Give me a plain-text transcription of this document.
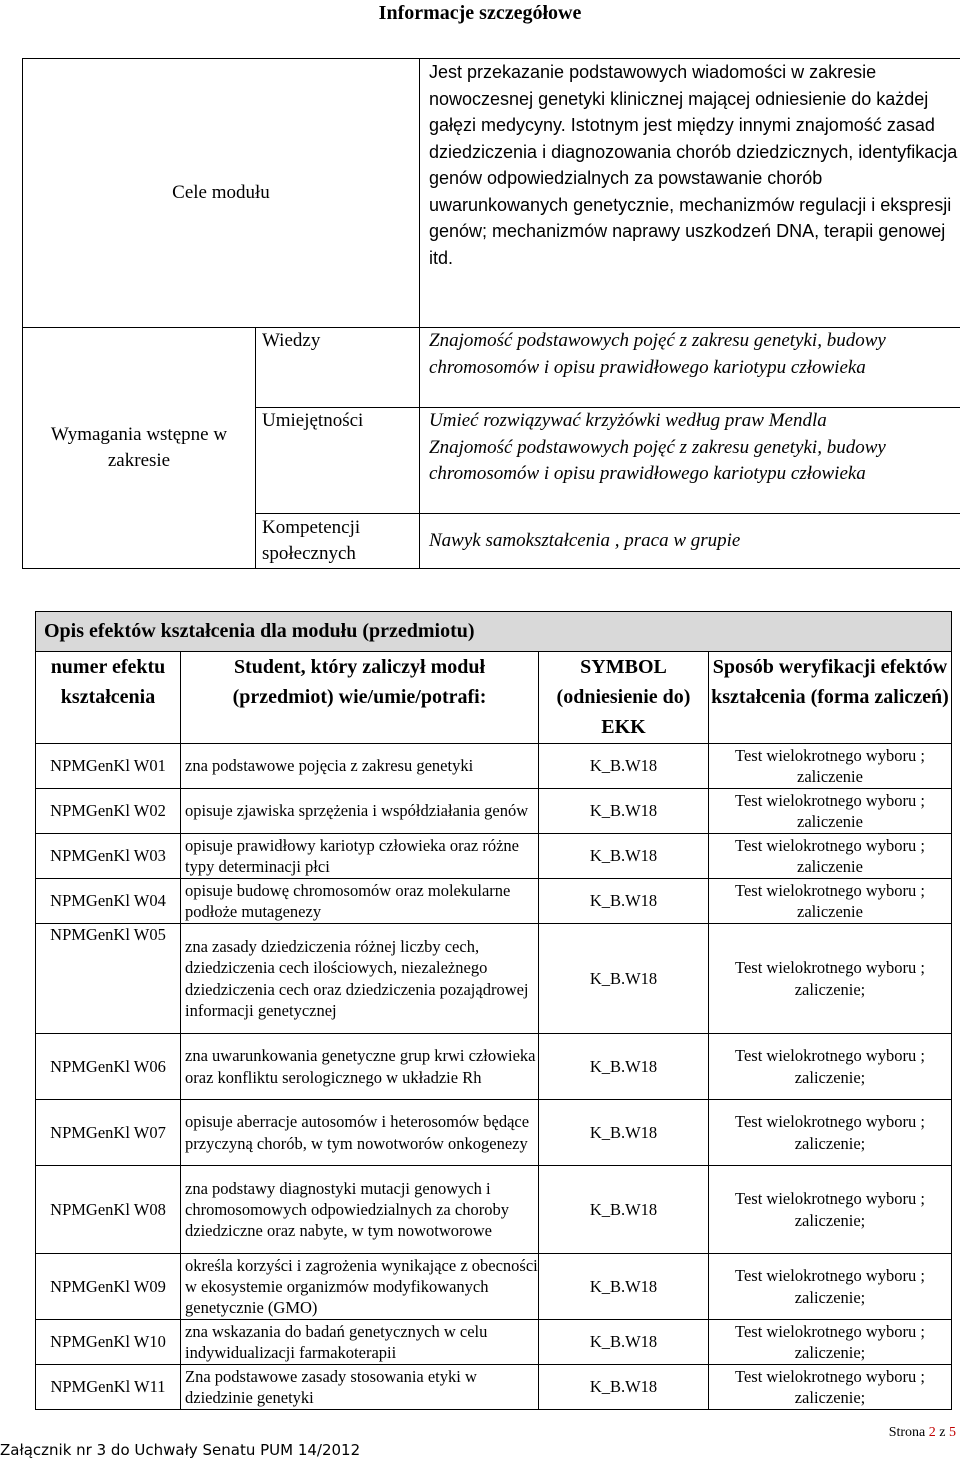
Informacje szczegółowe
Cele modułu		Jest przekazanie podstawowych wiadomości w zakresie nowoczesnej genetyki klinicznej mającej odniesienie do każdej gałęzi medycyny. Istotnym jest między innymi znajomość zasad dziedziczenia i diagnozowania chorób dziedzicznych, identyfikacja genów odpowiedzialnych za powstawanie chorób uwarunkowanych genetycznie, mechanizmów regulacji i ekspresji genów; mechanizmów naprawy uszkodzeń DNA, terapii genowej itd.
Wymagania wstępne w zakresie	Wiedzy	Znajomość podstawowych pojęć z zakresu genetyki, budowy chromosomów i opisu prawidłowego kariotypu człowieka
	Umiejętności	Umieć rozwiązywać krzyżówki według praw Mendla
Znajomość podstawowych pojęć z zakresu genetyki, budowy chromosomów i opisu prawidłowego kariotypu człowieka

	Kompetencji społecznych	Nawyk samokształcenia , praca w grupie
Opis efektów kształcenia dla modułu (przedmiotu)			
numer efektu kształcenia	Student, który zaliczył moduł (przedmiot) wie/umie/potrafi:	SYMBOL (odniesienie do) EKK	Sposób weryfikacji efektów kształcenia (forma zaliczeń)
NPMGenKl W01	zna podstawowe pojęcia z zakresu genetyki	K_B.W18	Test wielokrotnego wyboru ; zaliczenie
NPMGenKl W02	opisuje zjawiska sprzężenia i współdziałania genów	K_B.W18	Test wielokrotnego wyboru ; zaliczenie
NPMGenKl W03	opisuje prawidłowy kariotyp człowieka oraz różne typy determinacji płci	K_B.W18	Test wielokrotnego wyboru ; zaliczenie
NPMGenKl W04	opisuje budowę chromosomów oraz molekularne podłoże mutagenezy	K_B.W18	Test wielokrotnego wyboru ; zaliczenie
NPMGenKl W05	zna zasady dziedziczenia różnej liczby cech, dziedziczenia cech ilościowych, niezależnego dziedziczenia cech oraz dziedziczenia pozajądrowej informacji genetycznej	K_B.W18	Test wielokrotnego wyboru ; zaliczenie;
NPMGenKl W06	zna uwarunkowania genetyczne grup krwi człowieka oraz konfliktu serologicznego w układzie Rh	K_B.W18	Test wielokrotnego wyboru ; zaliczenie;
NPMGenKl W07	opisuje aberracje autosomów i heterosomów będące przyczyną chorób, w tym nowotworów onkogenezy	K_B.W18	Test wielokrotnego wyboru ; zaliczenie;
NPMGenKl W08	zna podstawy diagnostyki mutacji genowych i chromosomowych odpowiedzialnych za choroby dziedziczne oraz nabyte, w tym nowotworowe	K_B.W18	Test wielokrotnego wyboru ; zaliczenie;
NPMGenKl W09	określa korzyści i zagrożenia wynikające z obecności w ekosystemie organizmów modyfikowanych genetycznie (GMO)	K_B.W18	Test wielokrotnego wyboru ; zaliczenie;
NPMGenKl W10	zna wskazania do badań genetycznych w celu indywidualizacji farmakoterapii	K_B.W18	Test wielokrotnego wyboru ; zaliczenie;
NPMGenKl W11	Zna podstawowe zasady stosowania etyki w dziedzinie genetyki	K_B.W18	Test wielokrotnego wyboru ; zaliczenie;
Strona 2 z 5
Załącznik nr 3 do Uchwały Senatu PUM 14/2012
